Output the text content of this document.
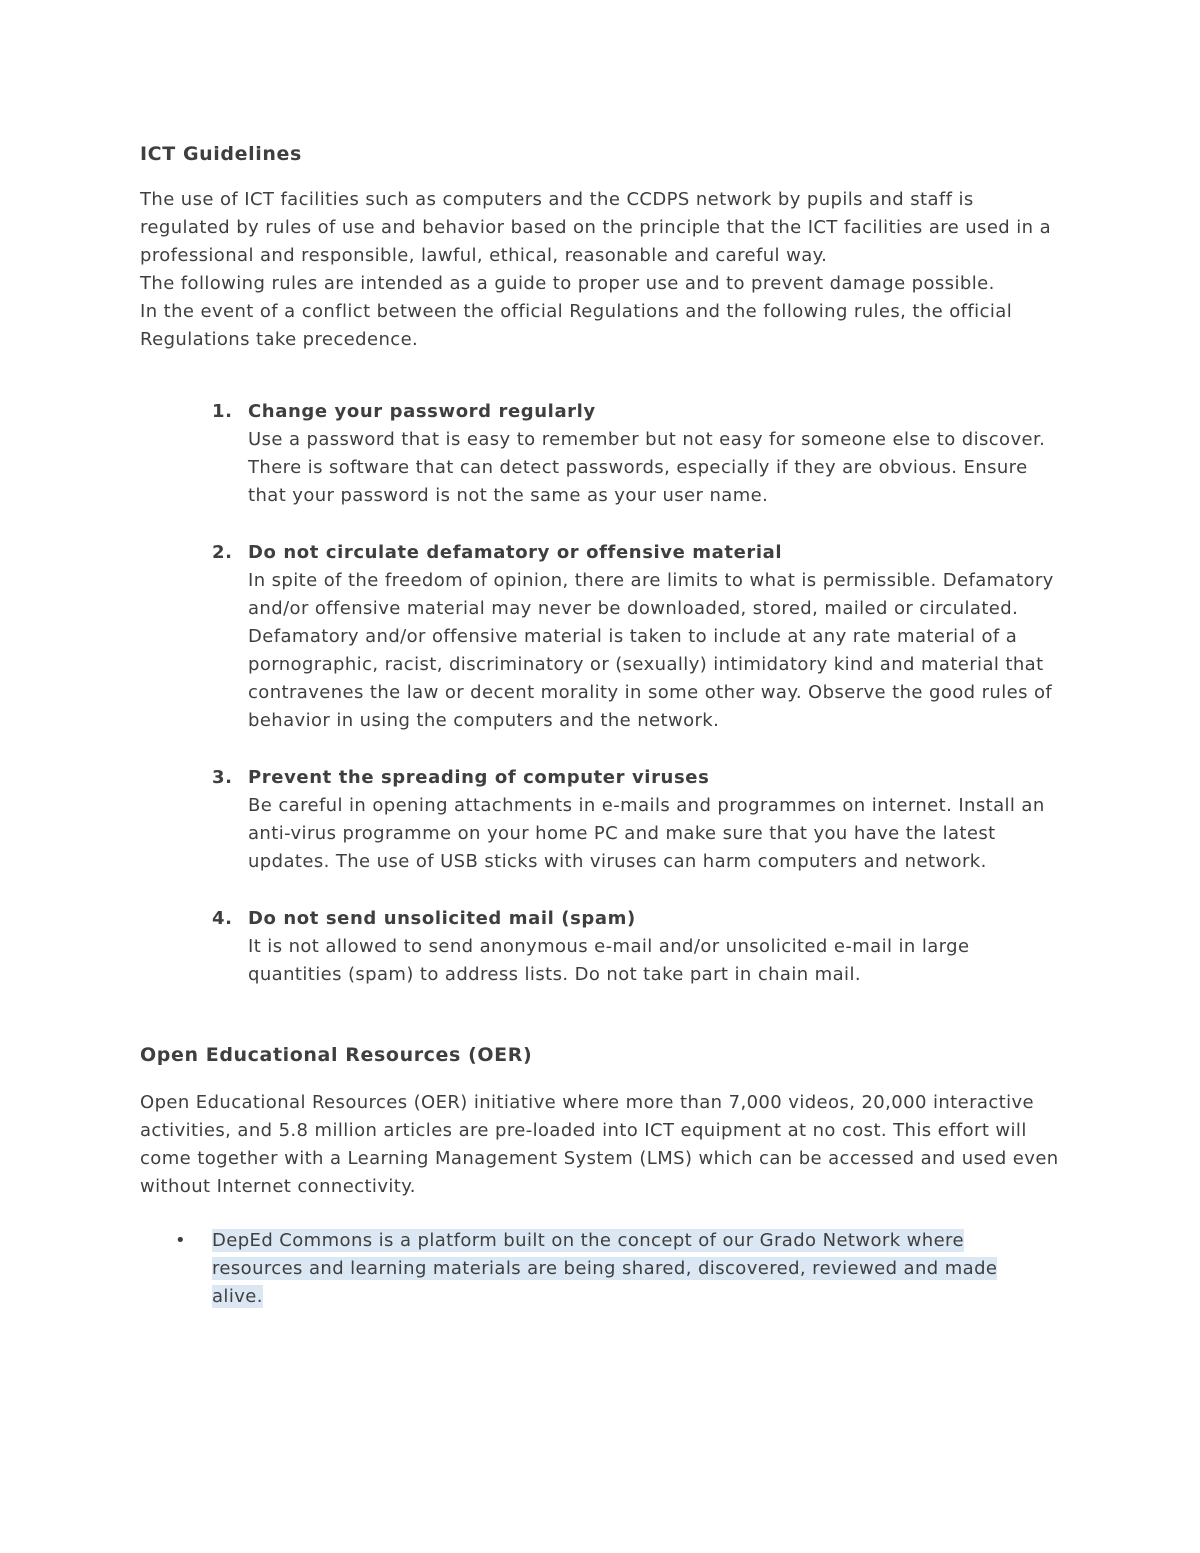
ICT Guidelines
The use of ICT facilities such as computers and the CCDPS network by pupils and staff is regulated by rules of use and behavior based on the principle that the ICT facilities are used in a professional and responsible, lawful, ethical, reasonable and careful way.
The following rules are intended as a guide to proper use and to prevent damage possible.
In the event of a conflict between the official Regulations and the following rules, the official Regulations take precedence.
1. Change your password regularly
Use a password that is easy to remember but not easy for someone else to discover. There is software that can detect passwords, especially if they are obvious. Ensure that your password is not the same as your user name.
2. Do not circulate defamatory or offensive material
In spite of the freedom of opinion, there are limits to what is permissible. Defamatory and/or offensive material may never be downloaded, stored, mailed or circulated. Defamatory and/or offensive material is taken to include at any rate material of a pornographic, racist, discriminatory or (sexually) intimidatory kind and material that contravenes the law or decent morality in some other way. Observe the good rules of behavior in using the computers and the network.
3. Prevent the spreading of computer viruses
Be careful in opening attachments in e-mails and programmes on internet. Install an anti-virus programme on your home PC and make sure that you have the latest updates. The use of USB sticks with viruses can harm computers and network.
4. Do not send unsolicited mail (spam)
It is not allowed to send anonymous e-mail and/or unsolicited e-mail in large quantities (spam) to address lists. Do not take part in chain mail.
Open Educational Resources (OER)
Open Educational Resources (OER) initiative where more than 7,000 videos, 20,000 interactive activities, and 5.8 million articles are pre-loaded into ICT equipment at no cost. This effort will come together with a Learning Management System (LMS) which can be accessed and used even without Internet connectivity.
•	DepEd Commons is a platform built on the concept of our Grado Network where resources and learning materials are being shared, discovered, reviewed and made alive.
